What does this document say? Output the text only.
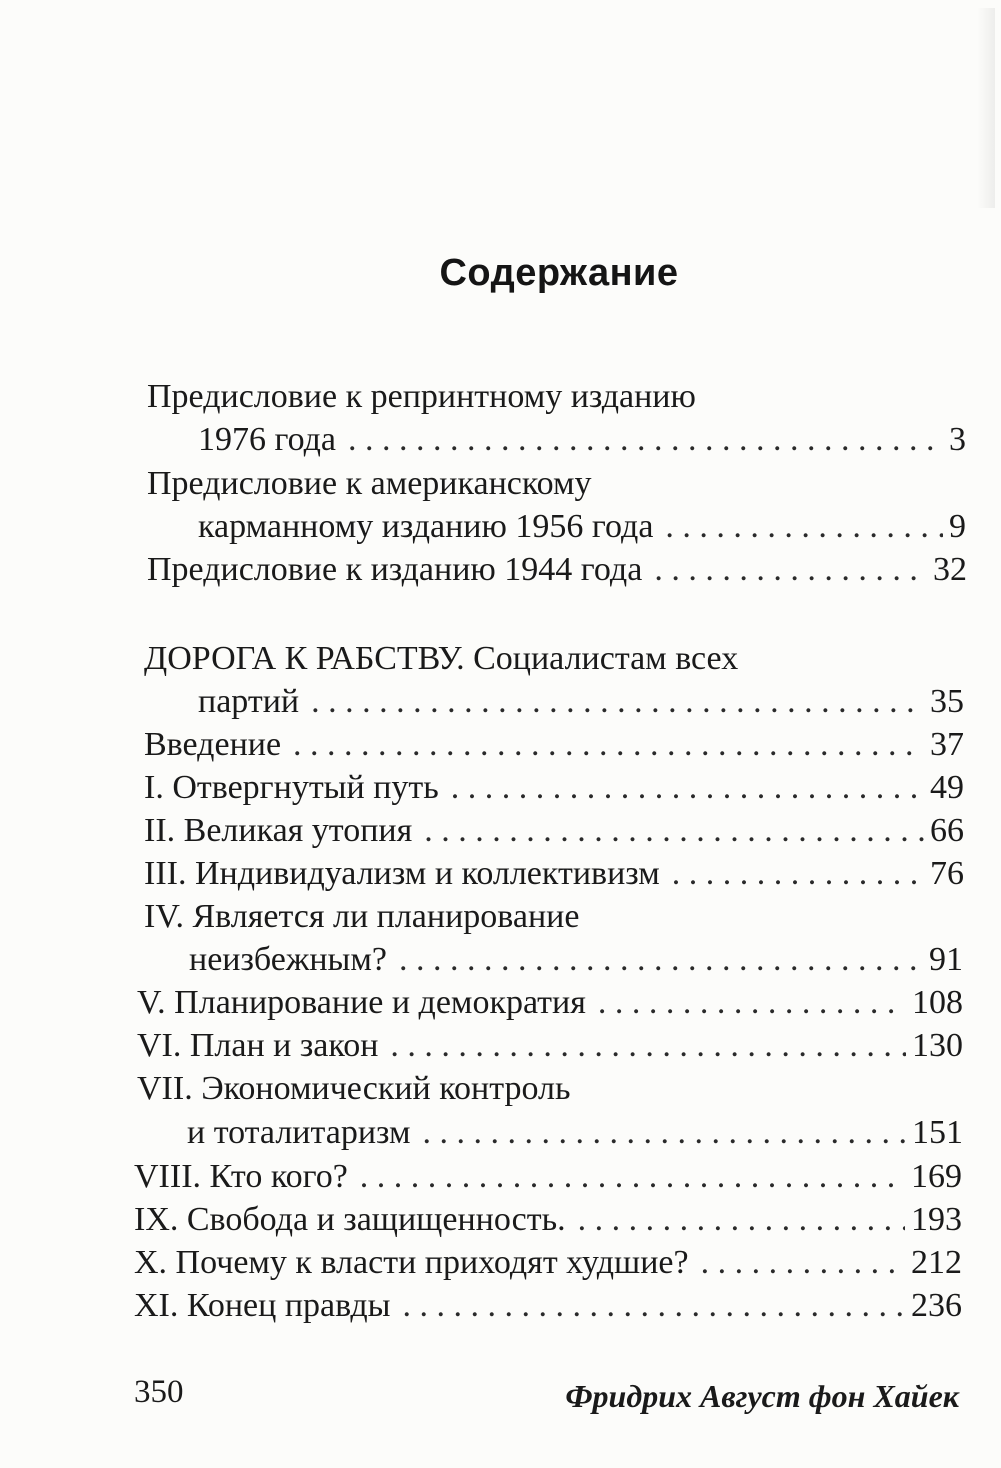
Содержание
Предисловие к репринтному изданию
1976 года . . .	3
Предисловие к американскому
карманному изданию 1956 года . . .	9
Предисловие к изданию 1944 года . . .	32
ДОРОГА К РАБСТВУ. Социалистам всех
партий . . .	35
Введение . . .	37
I. Отвергнутый путь . . .	49
II. Великая утопия . . .	66
III. Индивидуализм и коллективизм . . .	76
IV. Является ли планирование
неизбежным? . . .	91
V. Планирование и демократия . . .	108
VI. План и закон . . .	130
VII. Экономический контроль
и тоталитаризм . . .	151
VIII. Кто кого? . . .	169
IX. Свобода и защищенность. . . .	193
X. Почему к власти приходят худшие? . . .	212
XI. Конец правды . . .	236
350	Фридрих Август фон Хайек
